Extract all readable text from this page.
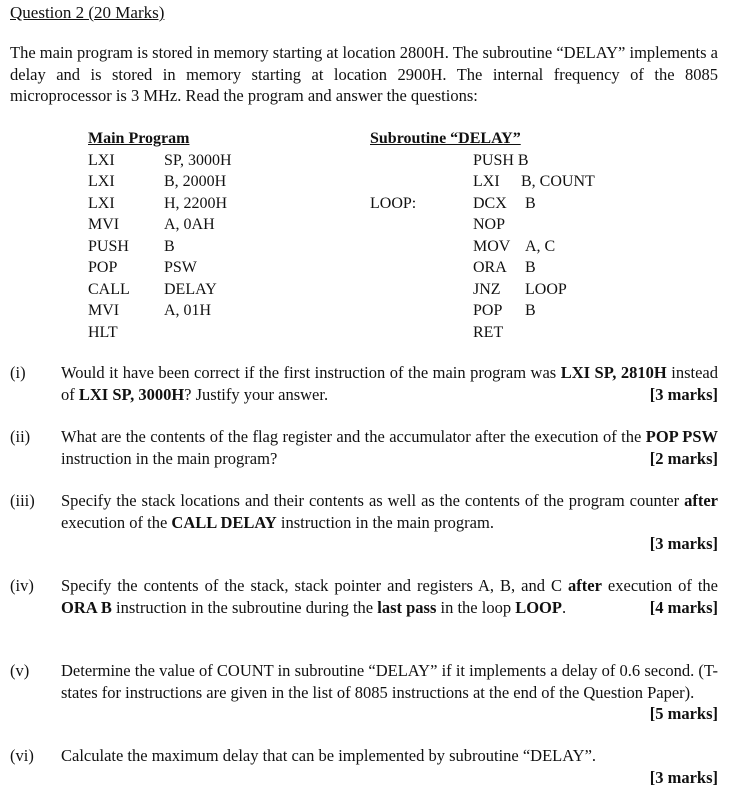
Question 2 (20 Marks)
The main program is stored in memory starting at location 2800H. The subroutine “DELAY” implements a delay and is stored in memory starting at location 2900H. The internal frequency of the 8085 microprocessor is 3 MHz. Read the program and answer the questions:
Main Program
LXI	SP, 3000H
LXI	B, 2000H
LXI	H, 2200H
MVI	A, 0AH
PUSH	B
POP	PSW
CALL	DELAY
MVI	A, 01H
HLT
Subroutine “DELAY”
PUSH B
LXI	B, COUNT
LOOP:	DCX	B
NOP
MOV A, C
ORA	B
JNZ	LOOP
POP	B
RET
(i) Would it have been correct if the first instruction of the main program was LXI SP, 2810H instead of LXI SP, 3000H? Justify your answer.	[3 marks]
(ii) What are the contents of the flag register and the accumulator after the execution of the POP PSW instruction in the main program?	[2 marks]
(iii) Specify the stack locations and their contents as well as the contents of the program counter after execution of the CALL DELAY instruction in the main program.
[3 marks]
(iv) Specify the contents of the stack, stack pointer and registers A, B, and C after execution of the ORA B instruction in the subroutine during the last pass in the loop LOOP.	[4 marks]
(v) Determine the value of COUNT in subroutine “DELAY” if it implements a delay of 0.6 second. (T-states for instructions are given in the list of 8085 instructions at the end of the Question Paper).
[5 marks]
(vi) Calculate the maximum delay that can be implemented by subroutine “DELAY”.
[3 marks]
